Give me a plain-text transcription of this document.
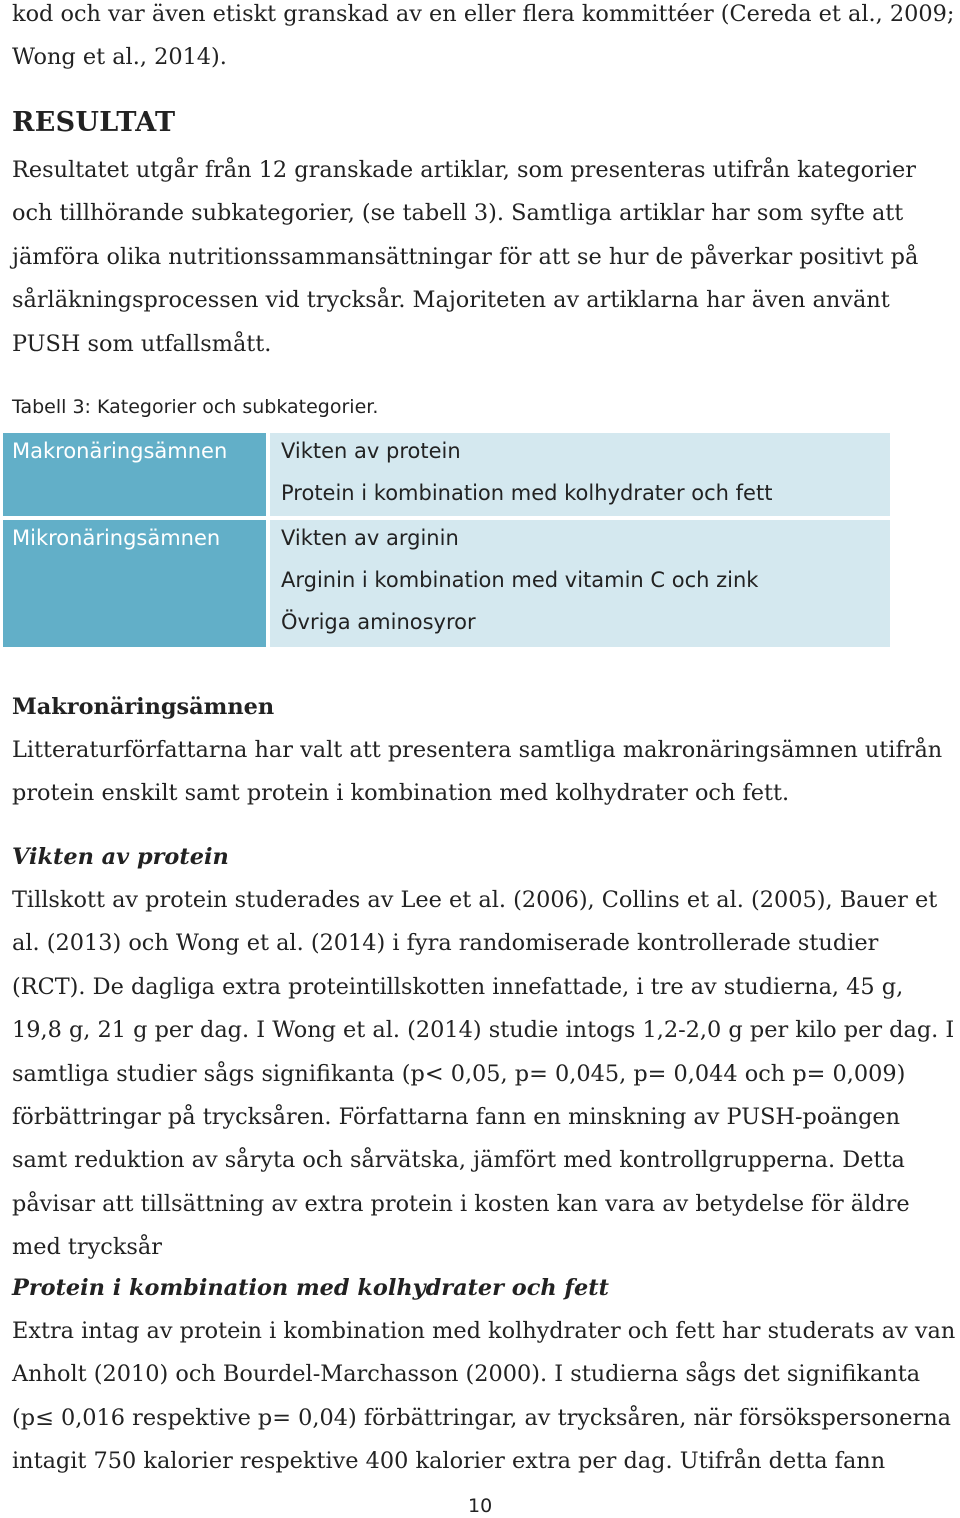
kod och var även etiskt granskad av en eller flera kommittéer (Cereda et al., 2009; Wong et al., 2014).

RESULTAT

Resultatet utgår från 12 granskade artiklar, som presenteras utifrån kategorier och tillhörande subkategorier, (se tabell 3). Samtliga artiklar har som syfte att jämföra olika nutritionssammansättningar för att se hur de påverkar positivt på sårläkningsprocessen vid trycksår. Majoriteten av artiklarna har även använt PUSH som utfallsmått.

Tabell 3: Kategorier och subkategorier.

Makronäringsämnen	Vikten av protein
Protein i kombination med kolhydrater och fett
Mikronäringsämnen	Vikten av arginin
Arginin i kombination med vitamin C och zink
Övriga aminosyror
Makronäringsämnen

Litteraturförfattarna har valt att presentera samtliga makronäringsämnen utifrån protein enskilt samt protein i kombination med kolhydrater och fett.

Vikten av protein

Tillskott av protein studerades av Lee et al. (2006), Collins et al. (2005), Bauer et al. (2013) och Wong et al. (2014) i fyra randomiserade kontrollerade studier (RCT). De dagliga extra proteintillskotten innefattade, i tre av studierna, 45 g, 19,8 g, 21 g per dag. I Wong et al. (2014) studie intogs 1,2-2,0 g per kilo per dag. I samtliga studier sågs signifikanta (p< 0,05, p= 0,045, p= 0,044 och p= 0,009) förbättringar på trycksåren. Författarna fann en minskning av PUSH-poängen samt reduktion av såryta och sårvätska, jämfört med kontrollgrupperna. Detta påvisar att tillsättning av extra protein i kosten kan vara av betydelse för äldre med trycksår

Protein i kombination med kolhydrater och fett

Extra intag av protein i kombination med kolhydrater och fett har studerats av van Anholt (2010) och Bourdel-Marchasson (2000). I studierna sågs det signifikanta (p≤ 0,016 respektive p= 0,04) förbättringar, av trycksåren, när försökspersonerna intagit 750 kalorier respektive 400 kalorier extra per dag. Utifrån detta fann

10
